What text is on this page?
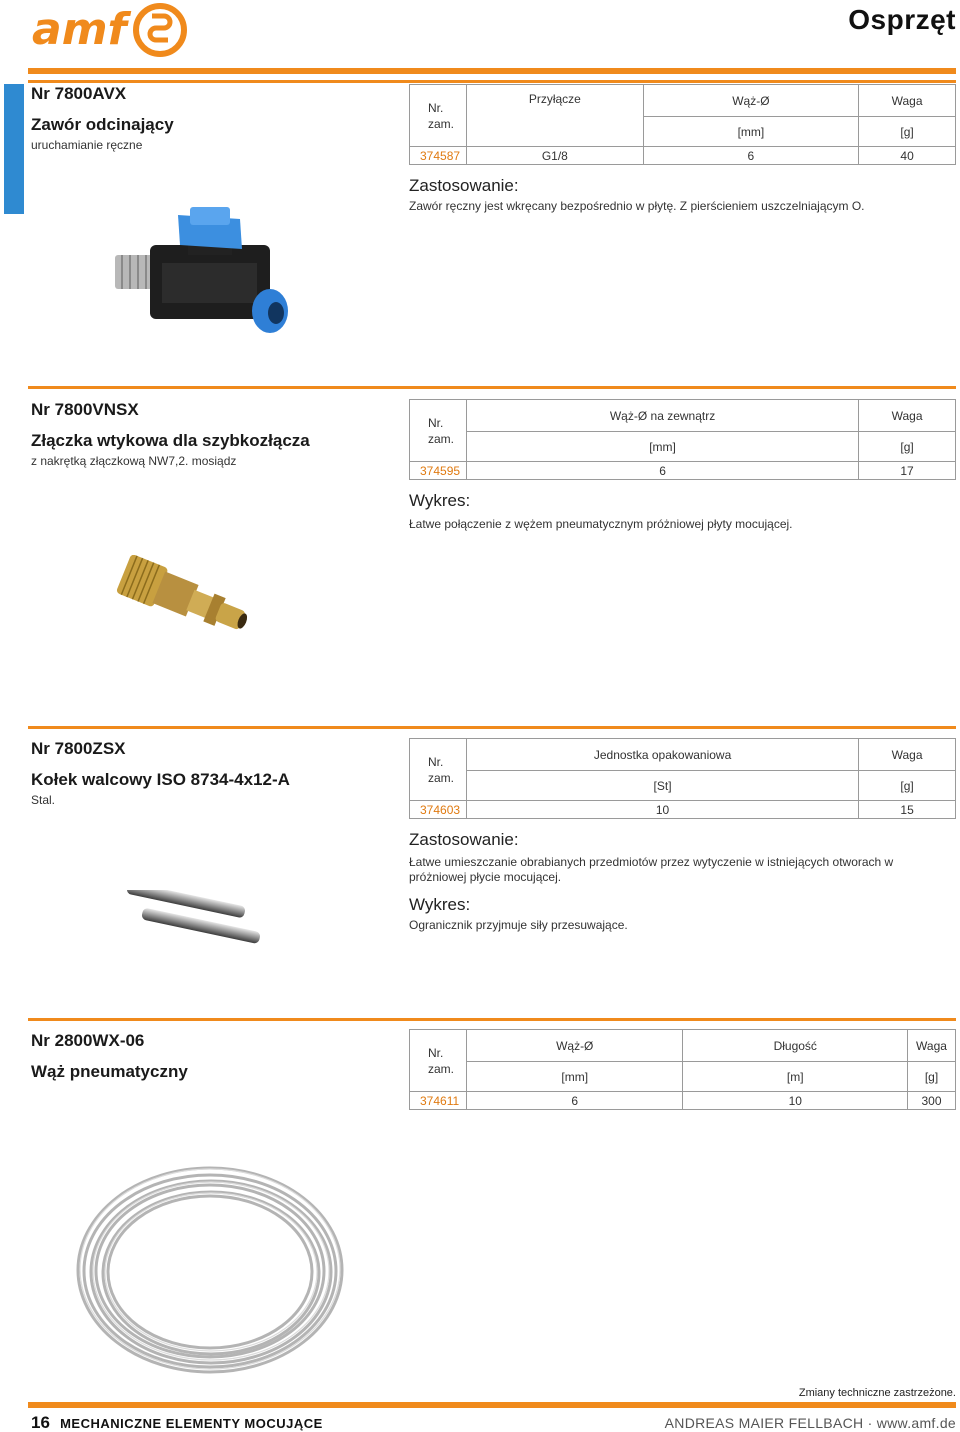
amf	Osprzęt
Nr 7800AVX
Zawór odcinający
uruchamianie ręczne
Nr.
zam.	Przyłącze	Wąż-Ø	Waga
		[mm]	[g]
374587	G1/8	6	40
Zastosowanie:
Zawór ręczny jest wkręcany bezpośrednio w płytę. Z pierścieniem uszczelniającym O.
Nr 7800VNSX
Złączka wtykowa dla szybkozłącza
z nakrętką złączkową NW7,2. mosiądz
Nr.
zam.	Wąż-Ø na zewnątrz	Waga
	[mm]	[g]
374595	6	17
Wykres:
Łatwe połączenie z wężem pneumatycznym próżniowej płyty mocującej.
Nr 7800ZSX
Kołek walcowy ISO 8734-4x12-A
Stal.
Nr.
zam.	Jednostka opakowaniowa	Waga
	[St]	[g]
374603	10	15
Zastosowanie:
Łatwe umieszczanie obrabianych przedmiotów przez wytyczenie w istniejących otworach w próżniowej płycie mocującej.
Wykres:
Ogranicznik przyjmuje siły przesuwające.
Nr 2800WX-06
Wąż pneumatyczny
Nr.
zam.	Wąż-Ø	Długość	Waga
	[mm]	[m]	[g]
374611	6	10	300
Zmiany techniczne zastrzeżone.
16 MECHANICZNE ELEMENTY MOCUJĄCE	ANDREAS MAIER FELLBACH · www.amf.de
